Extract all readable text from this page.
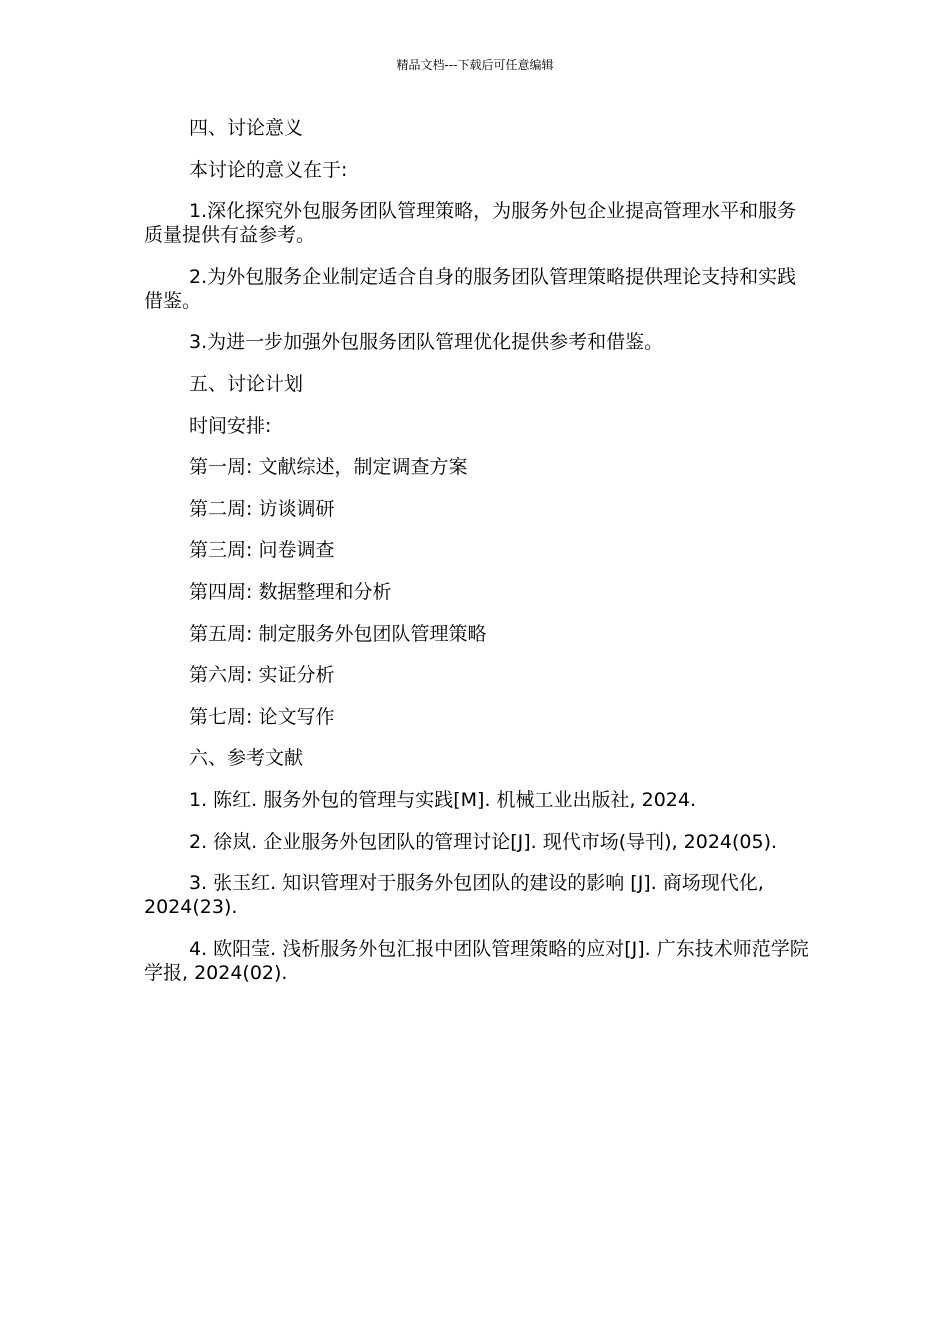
精品文档---下载后可任意编辑

四、讨论意义

本讨论的意义在于:

1.深化探究外包服务团队管理策略，为服务外包企业提高管理水平和服务质量提供有益参考。

2.为外包服务企业制定适合自身的服务团队管理策略提供理论支持和实践借鉴。

3.为进一步加强外包服务团队管理优化提供参考和借鉴。

五、讨论计划

时间安排:

第一周: 文献综述，制定调查方案

第二周: 访谈调研

第三周: 问卷调查

第四周: 数据整理和分析

第五周: 制定服务外包团队管理策略

第六周: 实证分析

第七周: 论文写作

六、参考文献

1. 陈红. 服务外包的管理与实践[M]. 机械工业出版社, 2024.

2. 徐岚. 企业服务外包团队的管理讨论[J]. 现代市场(导刊), 2024(05).

3. 张玉红. 知识管理对于服务外包团队的建设的影响 [J]. 商场现代化, 2024(23).

4. 欧阳莹. 浅析服务外包汇报中团队管理策略的应对[J]. 广东技术师范学院学报, 2024(02).
